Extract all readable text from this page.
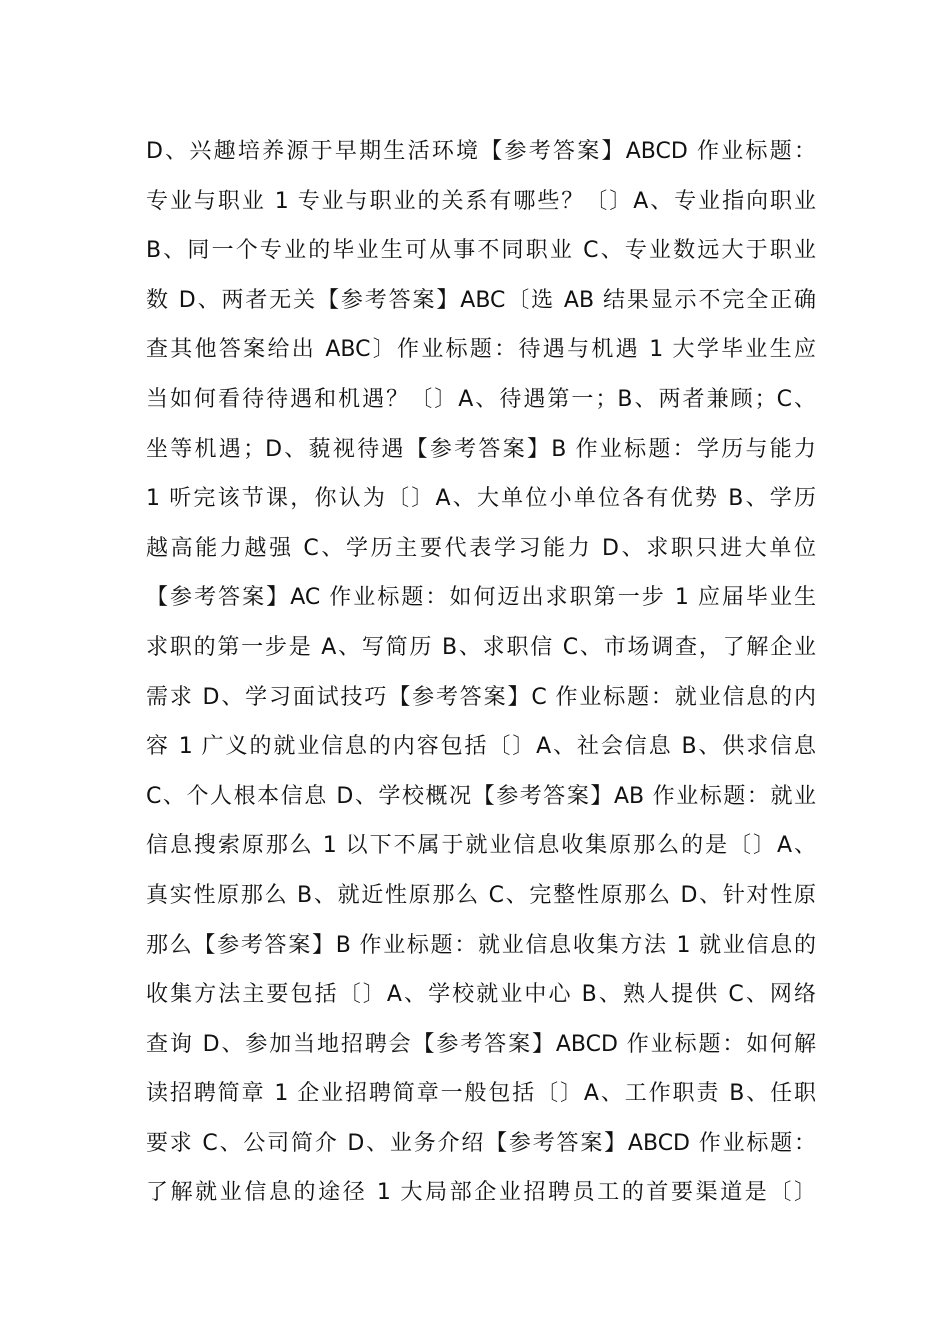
D、兴趣培养源于早期生活环境【参考答案】ABCD 作业标题：
专业与职业 1 专业与职业的关系有哪些？〔〕A、专业指向职业
B、同一个专业的毕业生可从事不同职业 C、专业数远大于职业
数 D、两者无关【参考答案】ABC〔选 AB 结果显示不完全正确
查其他答案给出 ABC〕作业标题：待遇与机遇 1 大学毕业生应
当如何看待待遇和机遇？〔〕A、待遇第一；B、两者兼顾；C、
坐等机遇；D、藐视待遇【参考答案】B 作业标题：学历与能力
1 听完该节课，你认为〔〕A、大单位小单位各有优势 B、学历
越高能力越强 C、学历主要代表学习能力 D、求职只进大单位
【参考答案】AC 作业标题：如何迈出求职第一步 1 应届毕业生
求职的第一步是 A、写简历 B、求职信 C、市场调查，了解企业
需求 D、学习面试技巧【参考答案】C 作业标题：就业信息的内
容 1 广义的就业信息的内容包括〔〕A、社会信息 B、供求信息
C、个人根本信息 D、学校概况【参考答案】AB 作业标题：就业
信息搜索原那么 1 以下不属于就业信息收集原那么的是〔〕A、
真实性原那么 B、就近性原那么 C、完整性原那么 D、针对性原
那么【参考答案】B 作业标题：就业信息收集方法 1 就业信息的
收集方法主要包括〔〕A、学校就业中心 B、熟人提供 C、网络
查询 D、参加当地招聘会【参考答案】ABCD 作业标题：如何解
读招聘简章 1 企业招聘简章一般包括〔〕A、工作职责 B、任职
要求 C、公司简介 D、业务介绍【参考答案】ABCD 作业标题：
了解就业信息的途径 1 大局部企业招聘员工的首要渠道是〔〕
